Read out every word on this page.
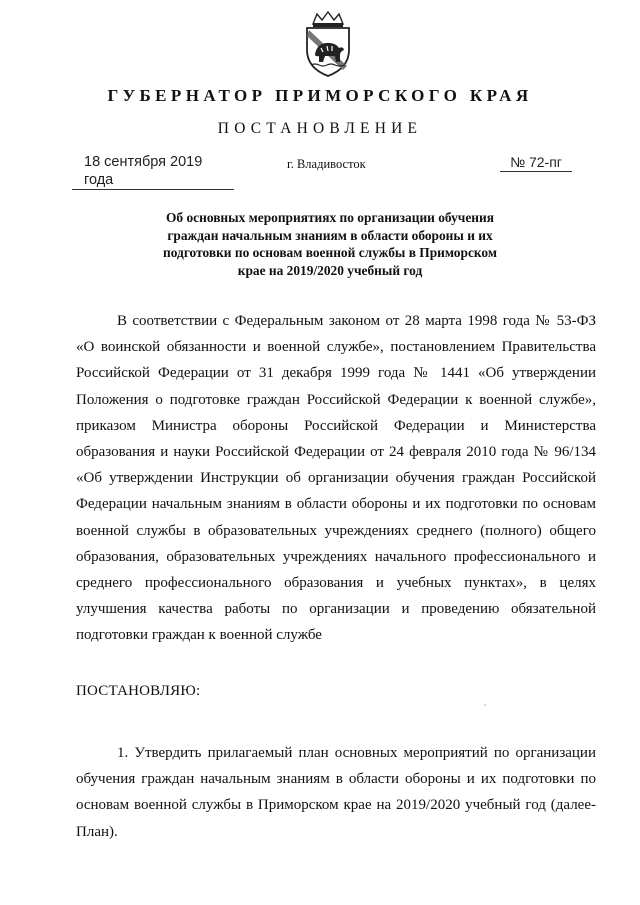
ГУБЕРНАТОР ПРИМОРСКОГО КРАЯ
ПОСТАНОВЛЕНИЕ
18 сентября 2019 года
г. Владивосток	№ 72-пг
Об основных мероприятиях по организации обучения
граждан начальным знаниям в области обороны и их
подготовки по основам военной службы в Приморском
крае на 2019/2020 учебный год
В соответствии с Федеральным законом от 28 марта 1998 года № 53-ФЗ
«О воинской обязанности и военной службе», постановлением Правительства
Российской Федерации от 31 декабря 1999 года № 1441 «Об утверждении
Положения о подготовке граждан Российской Федерации к военной службе»,
приказом Министра обороны Российской Федерации и Министерства
образования и науки Российской Федерации от 24 февраля 2010 года № 96/134
«Об утверждении Инструкции об организации обучения граждан Российской
Федерации начальным знаниям в области обороны и их подготовки по основам
военной службы в образовательных учреждениях среднего (полного) общего
образования, образовательных учреждениях начального профессионального и
среднего профессионального образования и учебных пунктах», в целях
улучшения качества работы по организации и проведению обязательной
подготовки граждан к военной службе
ПОСТАНОВЛЯЮ:
1. Утвердить прилагаемый план основных мероприятий по организации
обучения граждан начальным знаниям в области обороны и их подготовки по
основам военной службы в Приморском крае на 2019/2020 учебный год (далее-
План).
